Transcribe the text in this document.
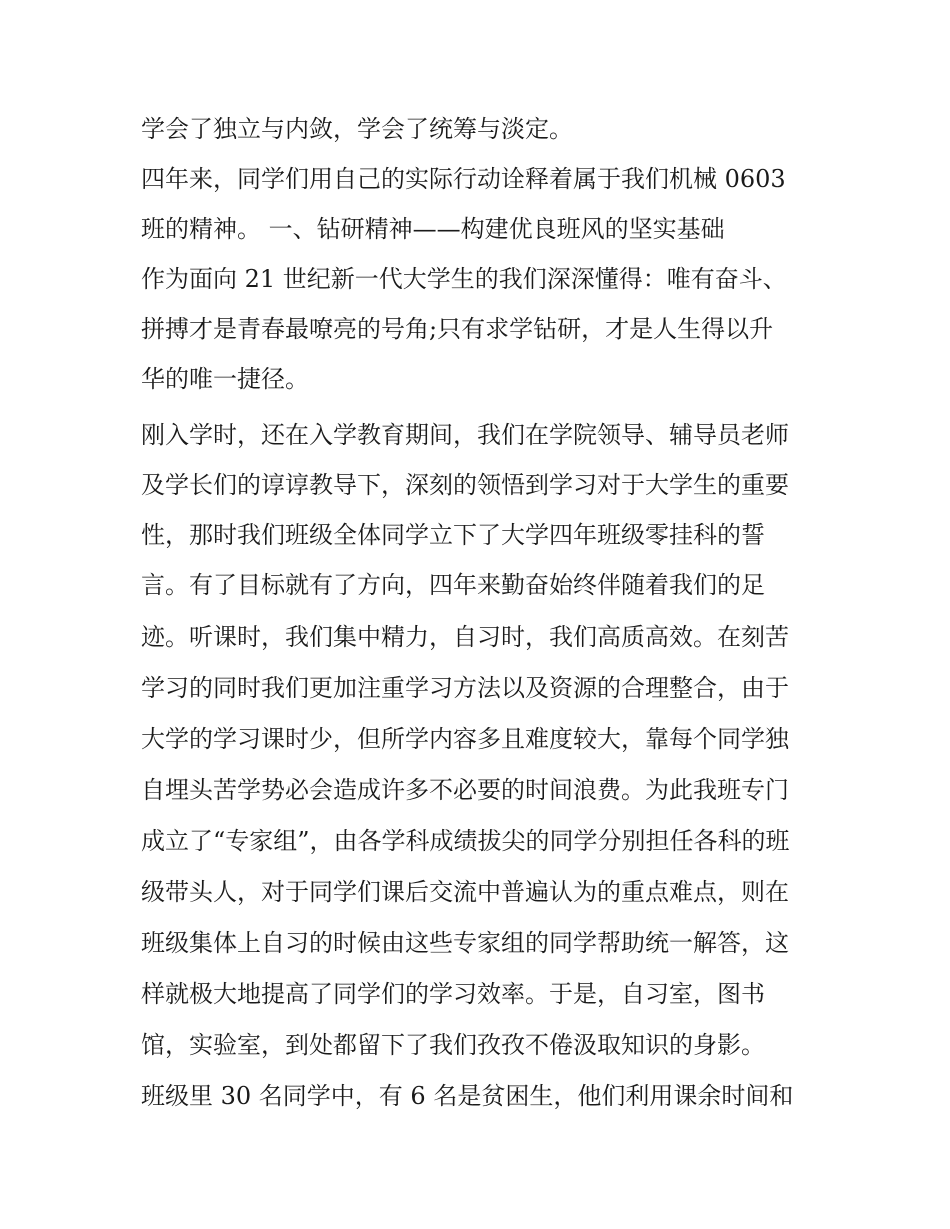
学会了独立与内敛，学会了统筹与淡定。
四年来，同学们用自己的实际行动诠释着属于我们机械 0603
班的精神。 一、钻研精神——构建优良班风的坚实基础
作为面向 21 世纪新一代大学生的我们深深懂得：唯有奋斗、
拼搏才是青春最嘹亮的号角;只有求学钻研，才是人生得以升
华的唯一捷径。
刚入学时，还在入学教育期间，我们在学院领导、辅导员老师
及学长们的谆谆教导下，深刻的领悟到学习对于大学生的重要
性，那时我们班级全体同学立下了大学四年班级零挂科的誓
言。有了目标就有了方向，四年来勤奋始终伴随着我们的足
迹。听课时，我们集中精力，自习时，我们高质高效。在刻苦
学习的同时我们更加注重学习方法以及资源的合理整合，由于
大学的学习课时少，但所学内容多且难度较大，靠每个同学独
自埋头苦学势必会造成许多不必要的时间浪费。为此我班专门
成立了“专家组”，由各学科成绩拔尖的同学分别担任各科的班
级带头人，对于同学们课后交流中普遍认为的重点难点，则在
班级集体上自习的时候由这些专家组的同学帮助统一解答，这
样就极大地提高了同学们的学习效率。于是，自习室，图书
馆，实验室，到处都留下了我们孜孜不倦汲取知识的身影。
班级里 30 名同学中，有 6 名是贫困生，他们利用课余时间和
